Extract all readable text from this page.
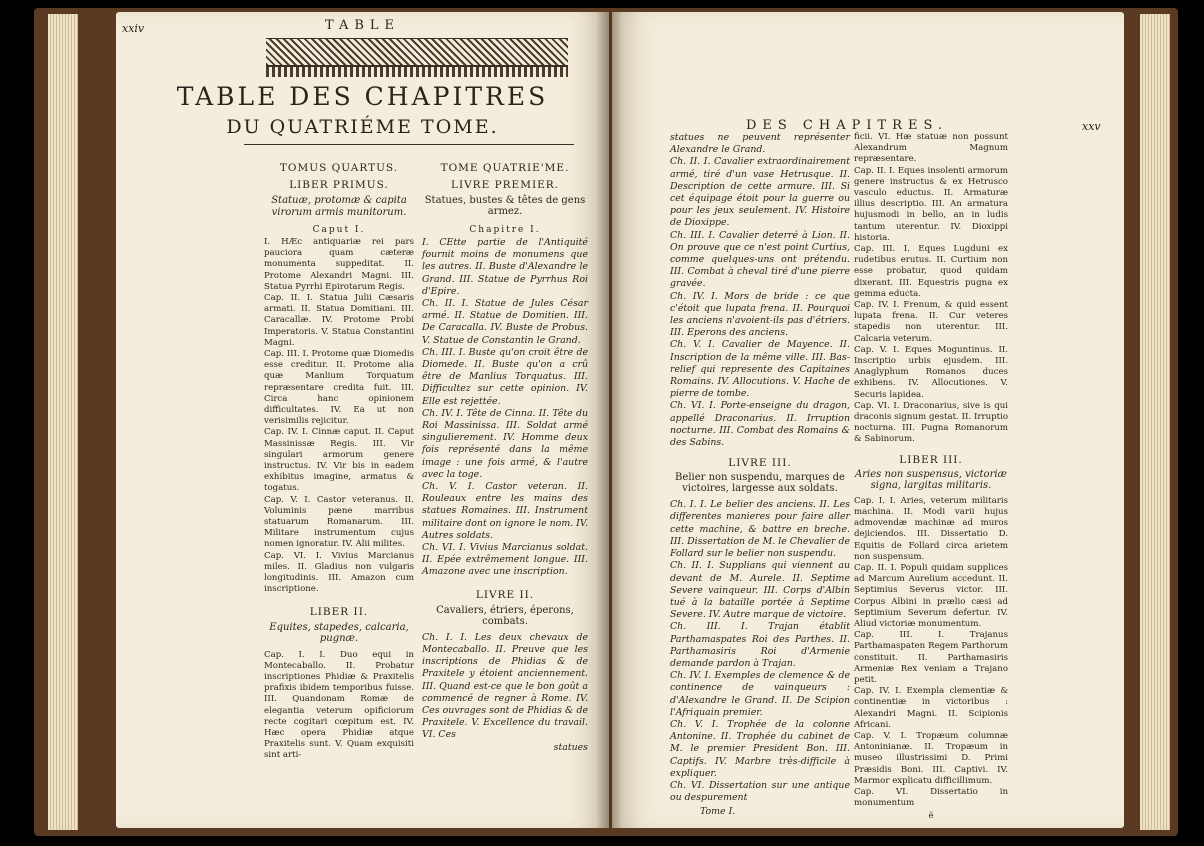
xxiv	TABLE
TABLE DES CHAPITRES
DU QUATRIÉME TOME.
TOMUS QUARTUS.
LIBER PRIMUS.
Statuæ, protomæ & capita virorum armis munitorum.
Caput I.
I. HÆc antiquariæ rei pars pauciora quam cæteræ monumenta suppeditat. II. Protome Alexandri Magni. III. Statua Pyrrhi Epirotarum Regis.
Cap. II. I. Statua Julii Cæsaris armati. II. Statua Domitiani. III. Caracallæ. IV. Protome Probi Imperatoris. V. Statua Constantini Magni.
Cap. III. I. Protome quæ Diomedis esse creditur. II. Protome alia quæ Manlium Torquatum repræsentare credita fuit. III. Circa hanc opinionem difficultates. IV. Ea ut non verisimilis rejicitur.
Cap. IV. I. Cinnæ caput. II. Caput Massinissæ Regis. III. Vir singulari armorum genere instructus. IV. Vir bis in eadem exhibitus imagine, armatus & togatus.
Cap. V. I. Castor veteranus. II. Voluminis pæne marribus statuarum Romanarum. III. Militare instrumentum cujus nomen ignoratur. IV. Alii milites.
Cap. VI. I. Vivius Marcianus miles. II. Gladius non vulgaris longitudinis. III. Amazon cum inscriptione.
LIBER II.
Equites, stapedes, calcaria, pugnæ.
Cap. I. I. Duo equi in Montecaballo. II. Probatur inscriptiones Phidiæ & Praxitelis prafixis ibidem temporibus fuisse. III. Quandonam Romæ de elegantia veterum opificiorum recte cogitari cœpitum est. IV. Hæc opera Phidiæ atque Praxitelis sunt. V. Quam exquisiti sint arti-
TOME QUATRIE'ME.
LIVRE PREMIER.
Statues, bustes & têtes de gens armez.
Chapitre I.
I. CEtte partie de l'Antiquité fournit moins de monumens que les autres. II. Buste d'Alexandre le Grand. III. Statue de Pyrrhus Roi d'Epire.
Ch. II. I. Statue de Jules César armé. II. Statue de Domitien. III. De Caracalla. IV. Buste de Probus. V. Statue de Constantin le Grand.
Ch. III. I. Buste qu'on croit être de Diomede. II. Buste qu'on a crû être de Manlius Torquatus. III. Difficultez sur cette opinion. IV. Elle est rejettée.
Ch. IV. I. Tête de Cinna. II. Tête du Roi Massinissa. III. Soldat armé singulierement. IV. Homme deux fois représenté dans la même image : une fois armé, & l'autre avec la toge.
Ch. V. I. Castor veteran. II. Rouleaux entre les mains des statues Romaines. III. Instrument militaire dont on ignore le nom. IV. Autres soldats.
Ch. VI. I. Vivius Marcianus soldat. II. Epée extrêmement longue. III. Amazone avec une inscription.
LIVRE II.
Cavaliers, étriers, éperons, combats.
Ch. I. I. Les deux chevaux de Montecaballo. II. Preuve que les inscriptions de Phidias & de Praxitele y étoient anciennement. III. Quand est-ce que le bon goût a commencé de regner à Rome. IV. Ces ouvrages sont de Phidias & de Praxitele. V. Excellence du travail. VI. Ces
statues
DES CHAPITRES.	xxv
statues ne peuvent représenter Alexandre le Grand.
Ch. II. I. Cavalier extraordinairement armé, tiré d'un vase Hetrusque. II. Description de cette armure. III. Si cet équipage étoit pour la guerre ou pour les jeux seulement. IV. Histoire de Dioxippe.
Ch. III. I. Cavalier deterré à Lion. II. On prouve que ce n'est point Curtius, comme quelques-uns ont prétendu. III. Combat à cheval tiré d'une pierre gravée.
Ch. IV. I. Mors de bride : ce que c'étoit que lupata frena. II. Pourquoi les anciens n'avoient-ils pas d'étriers. III. Eperons des anciens.
Ch. V. I. Cavalier de Mayence. II. Inscription de la même ville. III. Bas-relief qui represente des Capitaines Romains. IV. Allocutions. V. Hache de pierre de tombe.
Ch. VI. I. Porte-enseigne du dragon, appellé Draconarius. II. Irruption nocturne. III. Combat des Romains & des Sabins.
LIVRE III.
Belier non suspendu, marques de victoires, largesse aux soldats.
Ch. I. I. Le belier des anciens. II. Les differentes manieres pour faire aller cette machine, & battre en breche. III. Dissertation de M. le Chevalier de Follard sur le belier non suspendu.
Ch. II. I. Supplians qui viennent au devant de M. Aurele. II. Septime Severe vainqueur. III. Corps d'Albin tué à la bataille portée à Septime Severe. IV. Autre marque de victoire.
Ch. III. I. Trajan établit Parthamaspates Roi des Parthes. II. Parthamasiris Roi d'Armenie demande pardon à Trajan.
Ch. IV. I. Exemples de clemence & de continence de vainqueurs : d'Alexandre le Grand. II. De Scipion l'Afriquain premier.
Ch. V. I. Trophée de la colonne Antonine. II. Trophée du cabinet de M. le premier President Bon. III. Captifs. IV. Marbre très-difficile à expliquer.
Ch. VI. Dissertation sur une antique ou despurement
Tome I.
ficii. VI. Hæ statuæ non possunt Alexandrum Magnum repræsentare.
Cap. II. I. Eques insolenti armorum genere instructus & ex Hetrusco vasculo eductus. II. Armaturæ illius descriptio. III. An armatura hujusmodi in bello, an in ludis tantum uterentur. IV. Dioxippi historia.
Cap. III. I. Eques Lugduni ex rudetibus erutus. II. Curtium non esse probatur, quod quidam dixerant. III. Equestris pugna ex gemma educta.
Cap. IV. I. Frenum, & quid essent lupata frena. II. Cur veteres stapedis non uterentur. III. Calcaria veterum.
Cap. V. I. Eques Moguntinus. II. Inscriptio urbis ejusdem. III. Anaglyphum Romanos duces exhibens. IV. Allocutiones. V. Securis lapidea.
Cap. VI. I. Draconarius, sive is qui draconis signum gestat. II. Irruptio nocturna. III. Pugna Romanorum & Sabinorum.
LIBER III.
Aries non suspensus, victoriæ signa, largitas militaris.
Cap. I. I. Aries, veterum militaris machina. II. Modi varii hujus admovendæ machinæ ad muros dejiciendos. III. Dissertatio D. Equitis de Follard circa arietem non suspensum.
Cap. II. I. Populi quidam supplices ad Marcum Aurelium accedunt. II. Septimius Severus victor. III. Corpus Albini in prælio cæsi ad Septimium Severum defertur. IV. Aliud victoriæ monumentum.
Cap. III. I. Trajanus Parthamaspaten Regem Parthorum constituit. II. Parthamasiris Armeniæ Rex veniam a Trajano petit.
Cap. IV. I. Exempla clementiæ & continentiæ in victoribus : Alexandri Magni. II. Scipionis Africani.
Cap. V. I. Tropæum columnæ Antoninianæ. II. Tropæum in museo illustrissimi D. Primi Præsidis Boni. III. Captivi. IV. Marmor explicatu difficillimum.
Cap. VI. Dissertatio in monumentum
ẽ
